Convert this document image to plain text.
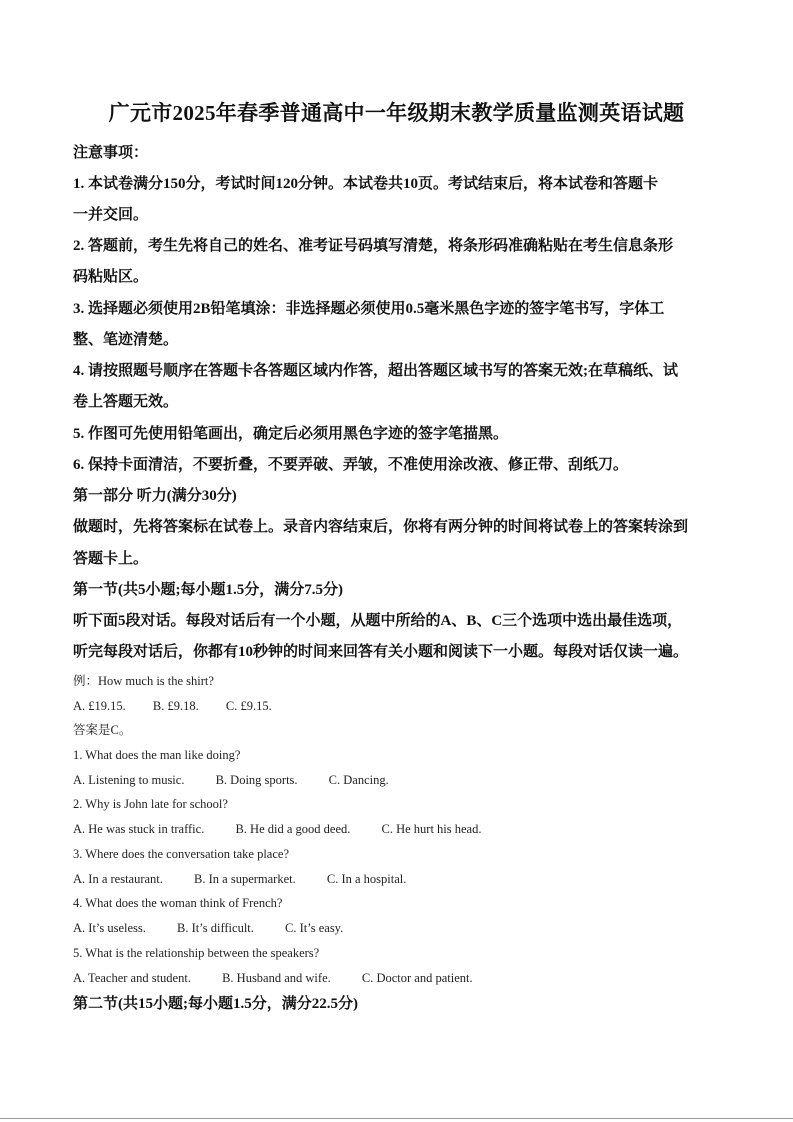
广元市2025年春季普通高中一年级期末教学质量监测英语试题
注意事项：
1. 本试卷满分150分，考试时间120分钟。本试卷共10页。考试结束后，将本试卷和答题卡
一并交回。
2. 答题前，考生先将自己的姓名、准考证号码填写清楚，将条形码准确粘贴在考生信息条形
码粘贴区。
3. 选择题必须使用2B铅笔填涂：非选择题必须使用0.5毫米黑色字迹的签字笔书写，字体工
整、笔迹清楚。
4. 请按照题号顺序在答题卡各答题区域内作答，超出答题区域书写的答案无效;在草稿纸、试
卷上答题无效。
5. 作图可先使用铅笔画出，确定后必须用黑色字迹的签字笔描黑。
6. 保持卡面清洁，不要折叠，不要弄破、弄皱，不准使用涂改液、修正带、刮纸刀。
第一部分 听力(满分30分)
做题时，先将答案标在试卷上。录音内容结束后，你将有两分钟的时间将试卷上的答案转涂到
答题卡上。
第一节(共5小题;每小题1.5分，满分7.5分)
听下面5段对话。每段对话后有一个小题，从题中所给的A、B、C三个选项中选出最佳选项，
听完每段对话后，你都有10秒钟的时间来回答有关小题和阅读下一小题。每段对话仅读一遍。
例：How much is the shirt?
A. £19.15. B. £9.18. C. £9.15.
答案是C。
1. What does the man like doing?
A. Listening to music. B. Doing sports. C. Dancing.
2. Why is John late for school?
A. He was stuck in traffic. B. He did a good deed. C. He hurt his head.
3. Where does the conversation take place?
A. In a restaurant. B. In a supermarket. C. In a hospital.
4. What does the woman think of French?
A. It’s useless. B. It’s difficult. C. It’s easy.
5. What is the relationship between the speakers?
A. Teacher and student. B. Husband and wife. C. Doctor and patient.
第二节(共15小题;每小题1.5分，满分22.5分)
